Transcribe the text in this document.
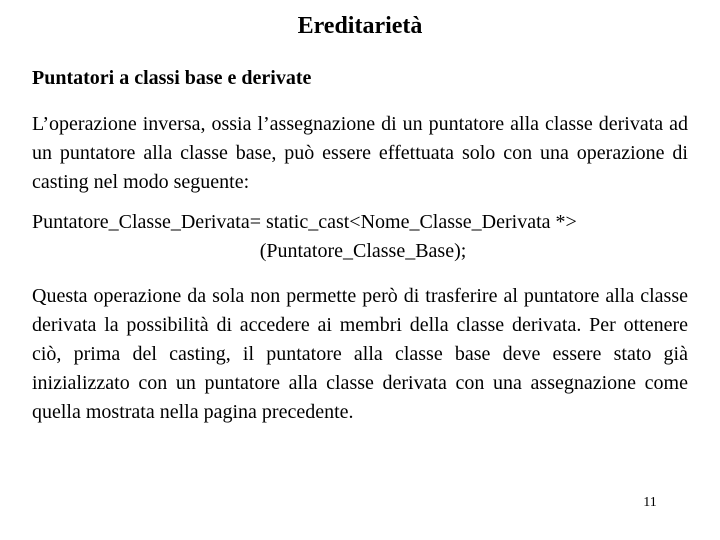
Ereditarietà
Puntatori a classi base e derivate
L’operazione inversa, ossia l’assegnazione di un puntatore alla classe derivata ad un puntatore alla classe base, può essere effettuata solo con una operazione di casting nel modo seguente:
Puntatore_Classe_Derivata= static_cast<Nome_Classe_Derivata *>
(Puntatore_Classe_Base);
Questa operazione da sola non permette però di trasferire al puntatore alla classe derivata la possibilità di accedere ai membri della classe derivata. Per ottenere ciò, prima del casting, il puntatore alla classe base deve essere stato già inizializzato con un puntatore alla classe derivata con una assegnazione come quella mostrata nella pagina precedente.
11
